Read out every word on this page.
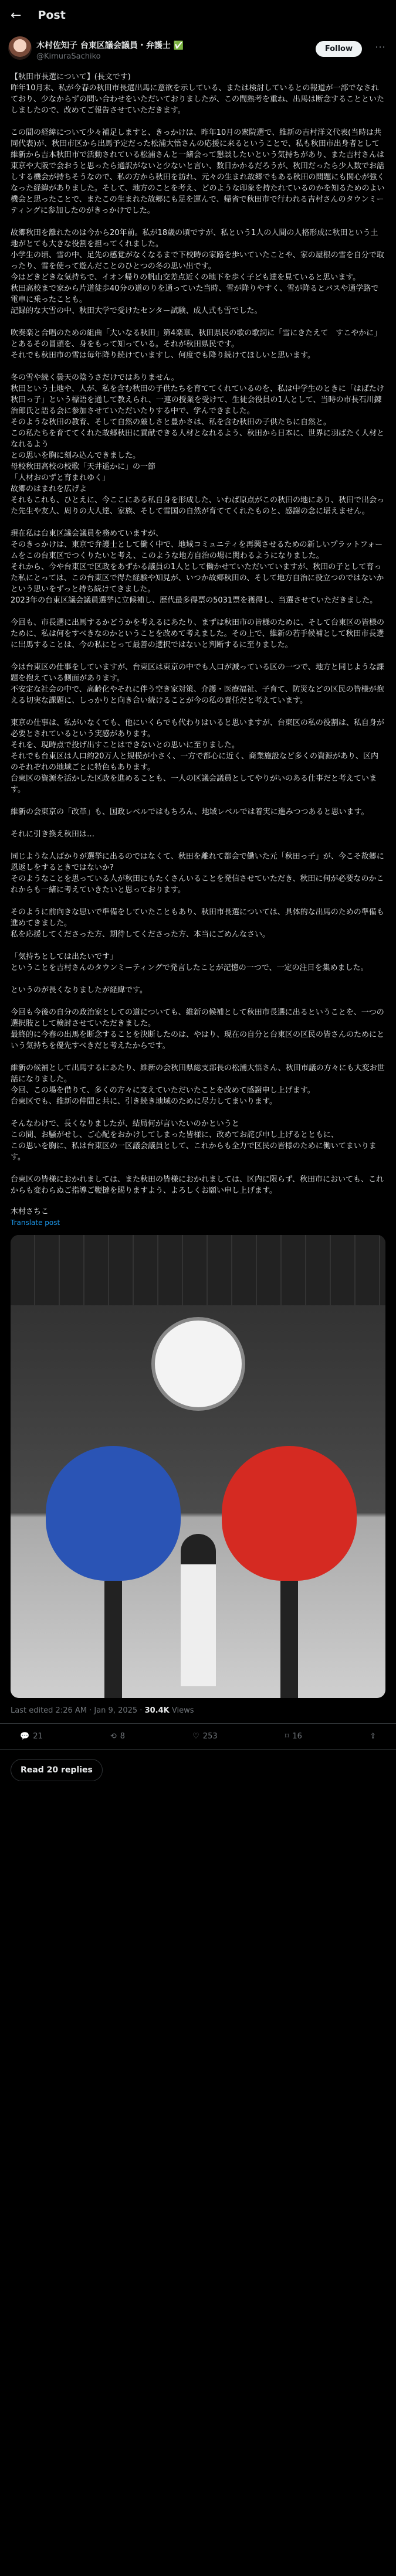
← Post
木村佐知子 台東区議会議員・弁護士 ✅
@KimuraSachiko
Follow	⋯

【秋田市長選について】(長文です)
昨年10月末、私が今春の秋田市長選出馬に意欲を示している、または検討しているとの報道が一部でなされており、少なからずの問い合わせをいただいておりましたが、この間熟考を重ね、出馬は断念することといたしましたので、改めてご報告させていただきます。

この間の経緯について少々補足しますと、きっかけは、昨年10月の衆院選で、維新の吉村洋文代表(当時は共同代表)が、秋田市区から出馬予定だった松浦大悟さんの応援に来るということで、私も秋田市出身者として維新から吉本秋田市で活動されている松浦さんと一緒会って懇談したいという気持ちがあり、また吉村さんは東京や大阪で会おうと思ったら通訳がないと少ないと言い、数日かかるだろうが、秋田だったら少人数でお話しする機会が持ちそうなので、私の方から秋田を訪れ、元々の生まれ故郷でもある秋田の問題にも関心が強くなった経緯がありました。そして、地方のことを考え、どのような印象を持たれているのかを知るためのよい機会と思ったことで、またこの生まれた故郷にも足を運んで、帰省で秋田市で行われる吉村さんのタウンミーティングに参加したのがきっかけでした。

故郷秋田を離れたのは今から20年前。私が18歳の頃ですが、私という1人の人間の人格形成に秋田という土地がとても大きな役割を担ってくれました。
小学生の頃、雪の中、足先の感覚がなくなるまで下校時の家路を歩いていたことや、家の屋根の雪を自分で取ったり、雪を使って遊んだことのひとつの冬の思い出です。
今はどきどきな気持ちで、イオン帰りの帆山交差点近くの地下を歩く子ども達を見ていると思います。
秋田高校まで家から片道徒歩40分の道のりを通っていた当時、雪が降りやすく、雪が降るとバスや通学路で電車に乗ったことも。
記録的な大雪の中、秋田大学で受けたセンター試験、成人式も雪でした。

吹奏楽と合唱のための組曲「大いなる秋田」第4楽章、秋田県民の歌の歌詞に「雪にきたえて　すこやかに」とあるその冒頭を、身をもって知っている。それが秋田県民です。
それでも秋田市の雪は毎年降り続けていますし、何度でも降り続けてほしいと思います。

冬の雪や続く曇天の陰うさだけではありません。
秋田という土地や、人が、私を含む秋田の子供たちを育ててくれているのを、私は中学生のときに「はばたけ秋田っ子」という標語を通して教えられ、一連の授業を受けて、生徒会役員の1人として、当時の市長石川錬治郎氏と語る会に参加させていただいたりする中で、学んできました。
そのような秋田の教育、そして自然の厳しさと豊かさは、私を含む秋田の子供たちに自然と。
この私たちを育ててくれた故郷秋田に貢献できる人材となれるよう、秋田から日本に、世界に羽ばたく人材となれるよう
との思いを胸に刻み込んできました。
母校秋田高校の校歌「天井遥かに」の一節
「人材おのずと育まれゆく」
故郷のはまれを広げよ
それもこれも、ひとえに、今ここにある私自身を形成した、いわば原点がこの秋田の地にあり、秋田で出会った先生や友人、周りの大人達、家族、そして雪国の自然が育ててくれたものと、感謝の念に堪えません。

現在私は台東区議会議員を務めていますが、
そのきっかけは、東京で弁護士として働く中で、地域コミュニティを再興させるための新しいプラットフォームをこの台東区でつくりたいと考え、このような地方自治の場に関わるようになりました。
それから、今や台東区で区政をあずかる議員の1人として働かせていただいていますが、秋田の子として育った私にとっては、この台東区で得た経験や知見が、いつか故郷秋田の、そして地方自治に役立つのではないかという思いをずっと持ち続けてきました。
2023年の台東区議会議員選挙に立候補し、歴代最多得票の5031票を獲得し、当選させていただきました。

今回も、市長選に出馬するかどうかを考えるにあたり、まずは秋田市の皆様のために、そして台東区の皆様のために、私は何をすべきなのかということを改めて考えました。その上で、維新の若手候補として秋田市長選に出馬することは、今の私にとって最善の選択ではないと判断するに至りました。

今は台東区の仕事をしていますが、台東区は東京の中でも人口が減っている区の一つで、地方と同じような課題を抱えている側面があります。
不安定な社会の中で、高齢化やそれに伴う空き家対策、介護・医療福祉、子育て、防災などの区民の皆様が抱える切実な課題に、しっかりと向き合い続けることが今の私の責任だと考えています。

東京の仕事は、私がいなくても、他にいくらでも代わりはいると思いますが、台東区の私の役割は、私自身が必要とされているという実感があります。
それを、現時点で投げ出すことはできないとの思いに至りました。
それでも台東区は人口約20万人と規模が小さく、一方で都心に近く、商業施設など多くの資源があり、区内のそれぞれの地域ごとに特色もあります。
台東区の資源を活かした区政を進めることも、一人の区議会議員としてやりがいのある仕事だと考えています。

維新の会東京の「改革」も、国政レベルではもちろん、地域レベルでは着実に進みつつあると思います。

それに引き換え秋田は…

同じような人ばかりが選挙に出るのではなくて、秋田を離れて都会で働いた元「秋田っ子」が、今こそ故郷に恩返しをするときではないか?
そのようなことを思っている人が秋田にもたくさんいることを発信させていただき、秋田に何が必要なのかこれからも一緒に考えていきたいと思っております。

そのように前向きな思いで準備をしていたこともあり、秋田市長選については、具体的な出馬のための準備も進めてきました。
私を応援してくださった方、期待してくださった方、本当にごめんなさい。

「気持ちとしては出たいです」
ということを吉村さんのタウンミーティングで発言したことが記憶の一つで、一定の注目を集めました。

というのが長くなりましたが経緯です。

今回も今後の自分の政治家としての道についても、維新の候補として秋田市長選に出るということを、一つの選択肢として検討させていただきました。
最終的に今春の出馬を断念することを決断したのは、やはり、現在の自分と台東区の区民の皆さんのためにという気持ちを優先すべきだと考えたからです。

維新の候補として出馬するにあたり、維新の会秋田県総支部長の松浦大悟さん、秋田市議の方々にも大変お世話になりました。
今回、この場を借りて、多くの方々に支えていただいたことを改めて感謝申し上げます。
台東区でも、維新の仲間と共に、引き続き地域のために尽力してまいります。

そんなわけで、長くなりましたが、結局何が言いたいのかというと
この間、お騒がせし、ご心配をおかけしてしまった皆様に、改めてお詫び申し上げるとともに、
この思いを胸に、私は台東区の一区議会議員として、これからも全力で区民の皆様のために働いてまいります。

台東区の皆様におかれましては、また秋田の皆様におかれましては、区内に限らず、秋田市においても、これからも変わらぬご指導ご鞭撻を賜りますよう、よろしくお願い申し上げます。

木村さちこ
Translate post
Last edited 2:26 AM · Jan 9, 2025 · 30.4K Views
💬 21	⟲ 8	♡ 253	⌑ 16	⇪
Read 20 replies
